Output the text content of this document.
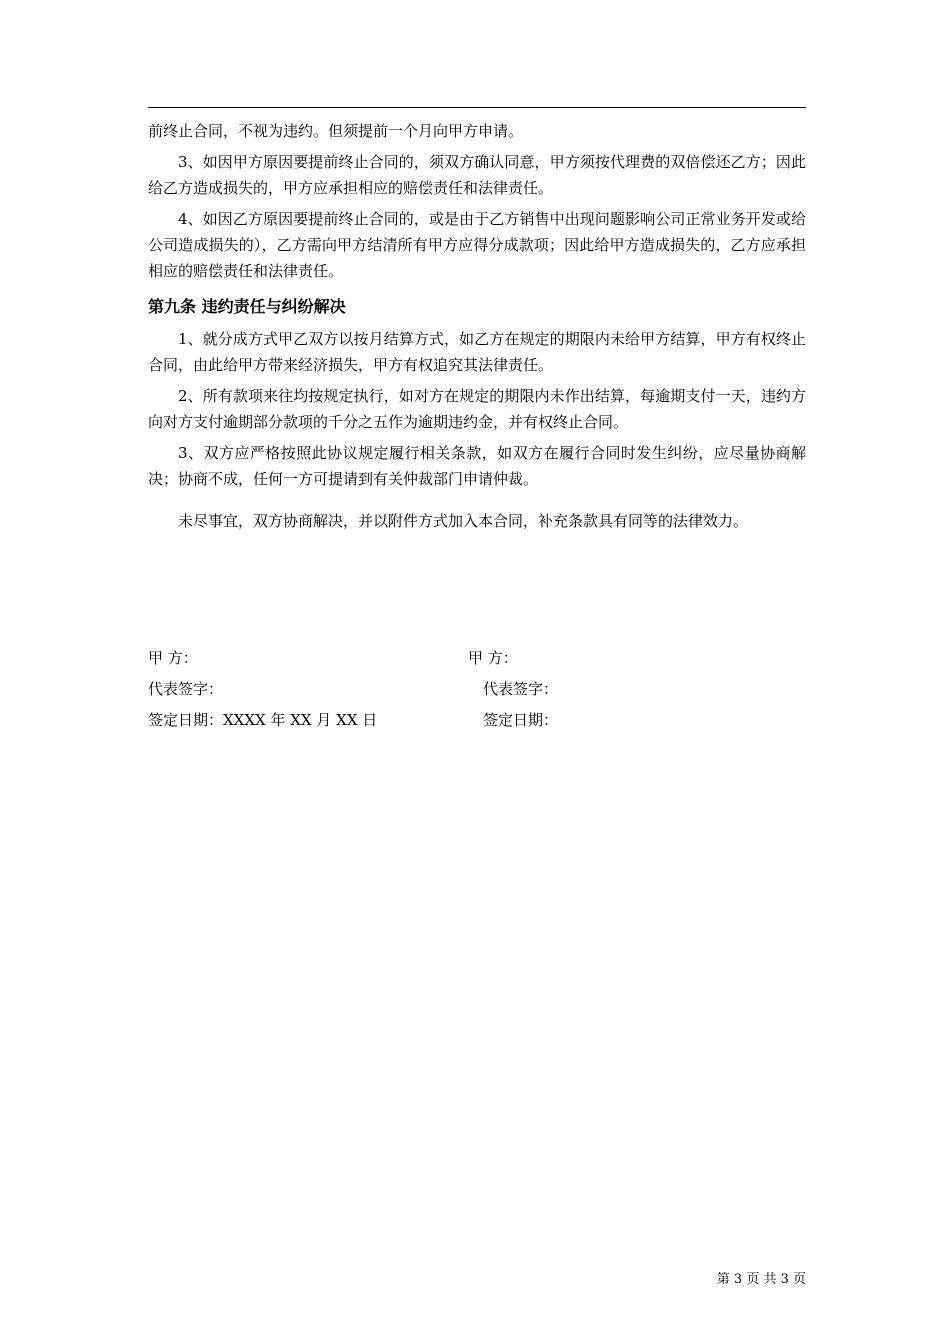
前终止合同，不视为违约。但须提前一个月向甲方申请。

3、如因甲方原因要提前终止合同的，须双方确认同意，甲方须按代理费的双倍偿还乙方；因此给乙方造成损失的，甲方应承担相应的赔偿责任和法律责任。

4、如因乙方原因要提前终止合同的，或是由于乙方销售中出现问题影响公司正常业务开发或给公司造成损失的），乙方需向甲方结清所有甲方应得分成款项；因此给甲方造成损失的，乙方应承担相应的赔偿责任和法律责任。

第九条 违约责任与纠纷解决

1、就分成方式甲乙双方以按月结算方式，如乙方在规定的期限内未给甲方结算，甲方有权终止合同，由此给甲方带来经济损失，甲方有权追究其法律责任。

2、所有款项来往均按规定执行，如对方在规定的期限内未作出结算，每逾期支付一天，违约方向对方支付逾期部分款项的千分之五作为逾期违约金，并有权终止合同。

3、双方应严格按照此协议规定履行相关条款，如双方在履行合同时发生纠纷，应尽量协商解决；协商不成，任何一方可提请到有关仲裁部门申请仲裁。

未尽事宜，双方协商解决，并以附件方式加入本合同，补充条款具有同等的法律效力。

甲 方：	甲 方：
代表签字：	代表签字：
签定日期：XXXX 年 XX 月 XX 日	签定日期：
第 3 页 共 3 页
